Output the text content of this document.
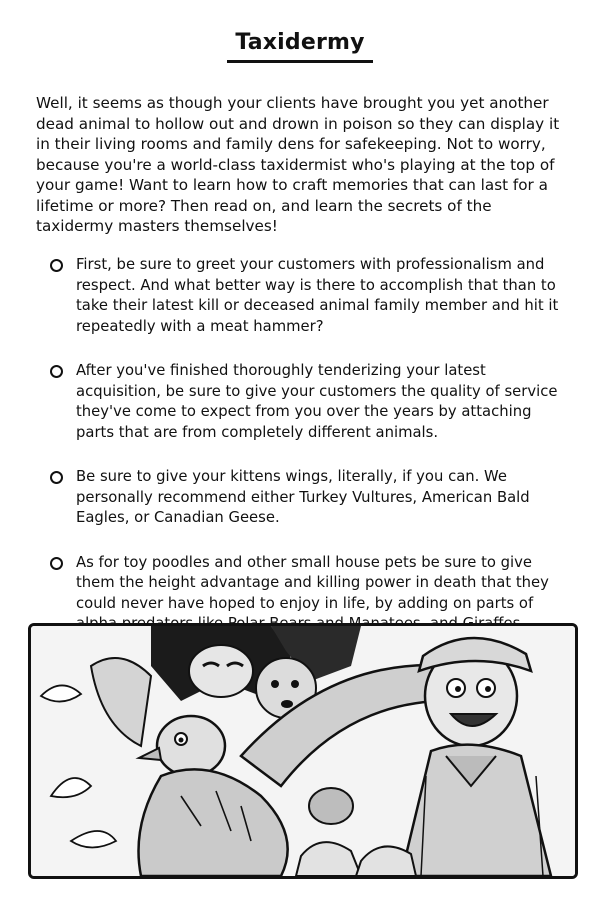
Taxidermy

Well, it seems as though your clients have brought you yet another dead animal to hollow out and drown in poison so they can display it in their living rooms and family dens for safekeeping. Not to worry, because you're a world-class taxidermist who's playing at the top of your game! Want to learn how to craft memories that can last for a lifetime or more? Then read on, and learn the secrets of the taxidermy masters themselves!

First, be sure to greet your customers with professionalism and respect. And what better way is there to accomplish that than to take their latest kill or deceased animal family member and hit it repeatedly with a meat hammer?
After you've finished thoroughly tenderizing your latest acquisition, be sure to give your customers the quality of service they've come to expect from you over the years by attaching parts that are from completely different animals.
Be sure to give your kittens wings, literally, if you can. We personally recommend either Turkey Vultures, American Bald Eagles, or Canadian Geese.
As for toy poodles and other small house pets be sure to give them the height advantage and killing power in death that they could never have hoped to enjoy in life, by adding on parts of
